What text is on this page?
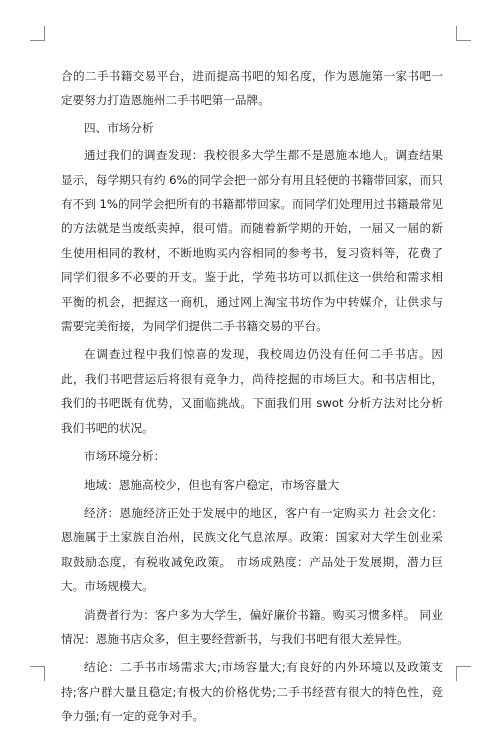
合的二手书籍交易平台，进而提高书吧的知名度，作为恩施第一家书吧一定要努力打造恩施州二手书吧第一品牌。

四、市场分析

通过我们的调查发现：我校很多大学生都不是恩施本地人。调查结果显示，每学期只有约 6%的同学会把一部分有用且轻便的书籍带回家，而只有不到 1%的同学会把所有的书籍都带回家。而同学们处理用过书籍最常见的方法就是当废纸卖掉，很可惜。而随着新学期的开始，一届又一届的新生使用相同的教材，不断地购买内容相同的参考书，复习资料等，花费了同学们很多不必要的开支。鉴于此，学苑书坊可以抓住这一供给和需求相平衡的机会，把握这一商机，通过网上淘宝书坊作为中转媒介，让供求与需要完美衔接，为同学们提供二手书籍交易的平台。

在调查过程中我们惊喜的发现，我校周边仍没有任何二手书店。因此，我们书吧营运后将很有竞争力，尚待挖掘的市场巨大。和书店相比，我们的书吧既有优势，又面临挑战。下面我们用 swot 分析方法对比分析我们书吧的状况。

市场环境分析：

地域：恩施高校少，但也有客户稳定，市场容量大

经济：恩施经济正处于发展中的地区，客户有一定购买力 社会文化：恩施属于土家族自治州，民族文化气息浓厚。政策：国家对大学生创业采取鼓励态度，有税收减免政策。 市场成熟度：产品处于发展期，潜力巨大。市场规模大。

消费者行为：客户多为大学生，偏好廉价书籍。购买习惯多样。 同业情况：恩施书店众多，但主要经营新书，与我们书吧有很大差异性。

结论：二手书市场需求大;市场容量大;有良好的内外环境以及政策支持;客户群大量且稳定;有极大的价格优势;二手书经营有很大的特色性，竞争力强;有一定的竞争对手。
